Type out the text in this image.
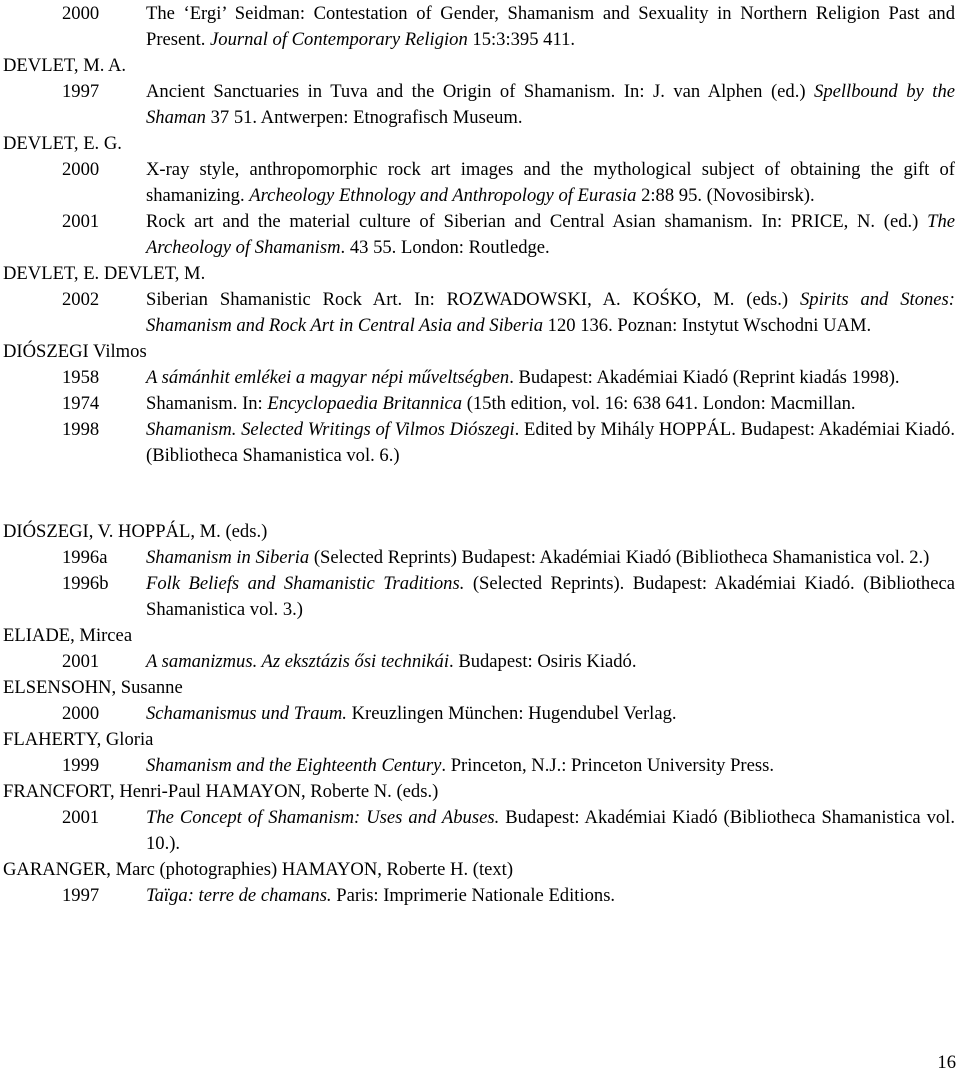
2000	The ‘Ergi’ Seidman: Contestation of Gender, Shamanism and Sexuality in Northern Religion Past and Present. Journal of Contemporary Religion 15:3:395 411.
DEVLET, M. A.
1997	Ancient Sanctuaries in Tuva and the Origin of Shamanism. In: J. van Alphen (ed.) Spellbound by the Shaman 37 51. Antwerpen: Etnografisch Museum.
DEVLET, E. G.
2000	X-ray style, anthropomorphic rock art images and the mythological subject of obtaining the gift of shamanizing. Archeology Ethnology and Anthropology of Eurasia 2:88 95. (Novosibirsk).
2001	Rock art and the material culture of Siberian and Central Asian shamanism. In: PRICE, N. (ed.) The Archeology of Shamanism. 43 55. London: Routledge.
DEVLET, E. DEVLET, M.
2002	Siberian Shamanistic Rock Art. In: ROZWADOWSKI, A. KOŚKO, M. (eds.) Spirits and Stones: Shamanism and Rock Art in Central Asia and Siberia 120 136. Poznan: Instytut Wschodni UAM.
DIÓSZEGI Vilmos
1958	A sámánhit emlékei a magyar népi műveltségben. Budapest: Akadémiai Kiadó (Reprint kiadás 1998).
1974	Shamanism. In: Encyclopaedia Britannica (15th edition, vol. 16: 638 641. London: Macmillan.
1998	Shamanism. Selected Writings of Vilmos Diószegi. Edited by Mihály HOPPÁL. Budapest: Akadémiai Kiadó. (Bibliotheca Shamanistica vol. 6.)
DIÓSZEGI, V. HOPPÁL, M. (eds.)
1996a	Shamanism in Siberia (Selected Reprints) Budapest: Akadémiai Kiadó (Bibliotheca Shamanistica vol. 2.)
1996b	Folk Beliefs and Shamanistic Traditions. (Selected Reprints). Budapest: Akadémiai Kiadó. (Bibliotheca Shamanistica vol. 3.)
ELIADE, Mircea
2001	A samanizmus. Az eksztázis ősi technikái. Budapest: Osiris Kiadó.
ELSENSOHN, Susanne
2000	Schamanismus und Traum. Kreuzlingen München: Hugendubel Verlag.
FLAHERTY, Gloria
1999	Shamanism and the Eighteenth Century. Princeton, N.J.: Princeton University Press.
FRANCFORT, Henri-Paul HAMAYON, Roberte N. (eds.)
2001	The Concept of Shamanism: Uses and Abuses. Budapest: Akadémiai Kiadó (Bibliotheca Shamanistica vol. 10.).
GARANGER, Marc (photographies) HAMAYON, Roberte H. (text)
1997	Taïga: terre de chamans. Paris: Imprimerie Nationale Editions.
16
